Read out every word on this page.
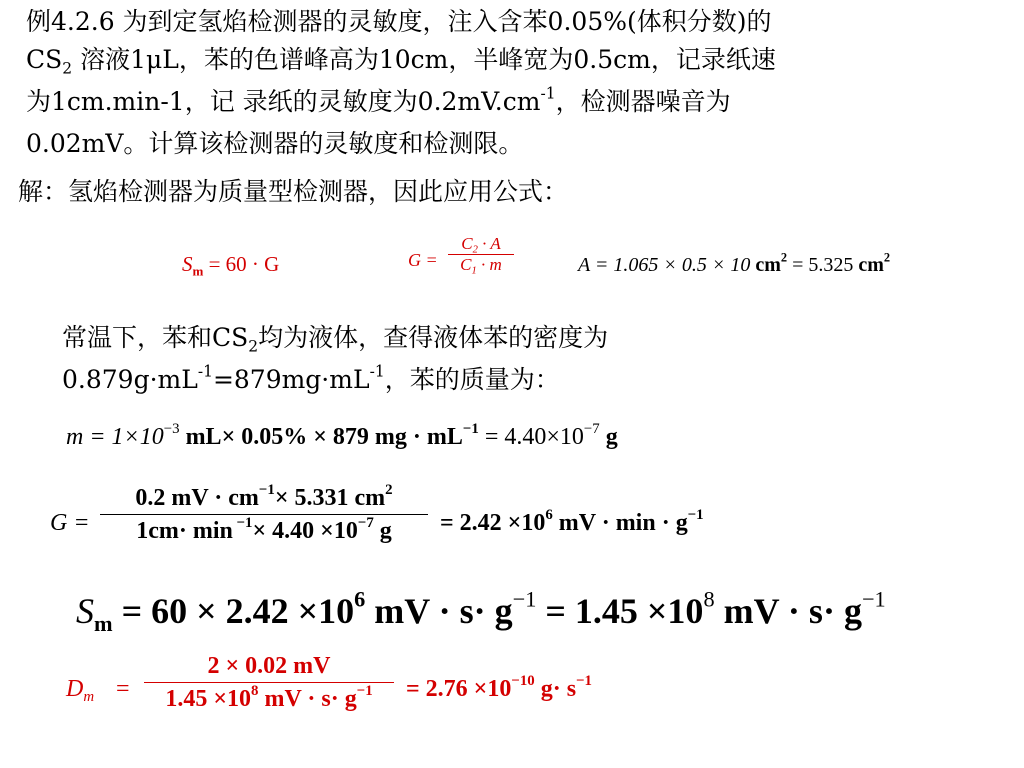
例4.2.6 为到定氢焰检测器的灵敏度，注入含苯0.05%(体积分数)的
$CS_2$ 溶液1μL，苯的色谱峰高为10cm，半峰宽为0.5cm，记录纸速
为1cm.min-1，记 录纸的灵敏度为$0.2mV.cm^{-1}$，检测器噪音为
0.02mV。计算该检测器的灵敏度和检测限。
解：氢焰检测器为质量型检测器，因此应用公式：
$S_m = 60 \cdot G$	G =
$C_2 \cdot A$
$C_1 \cdot m$	A = 1.065 × 0.5 × 10 $cm^2 = 5.325$ $cm^2$
常温下，苯和$CS_2$均为液体，查得液体苯的密度为
$0.879g\cdot mL^{-1}=879mg\cdot mL^{-1}$，苯的质量为：
$m = 1\times 10^{-3}$ mL× 0.05% × 879 mg · $mL^{-1} = 4.40\times 10^{-7}$ g
G =
0.2 mV · $cm^{-1}\times 5.331$ $cm^2$
$1cm\cdot \min ^{-1}\times 4.40 \times 10^{-7}$ g	= $2.42 \times 10^6$ mV · $\min \cdot g^{-1}$
$S_m = 60 \times 2.42 \times 10^6$ mV · $s\cdot g^{-1} = 1.45 \times 10^8$ mV · $s\cdot g^{-1}$
$D_m$ =
2 × 0.02 mV
$1.45 \times 10^8$ mV · $s\cdot g^{-1}$	= $2.76 \times 10^{-10}$ $g\cdot s^{-1}$
